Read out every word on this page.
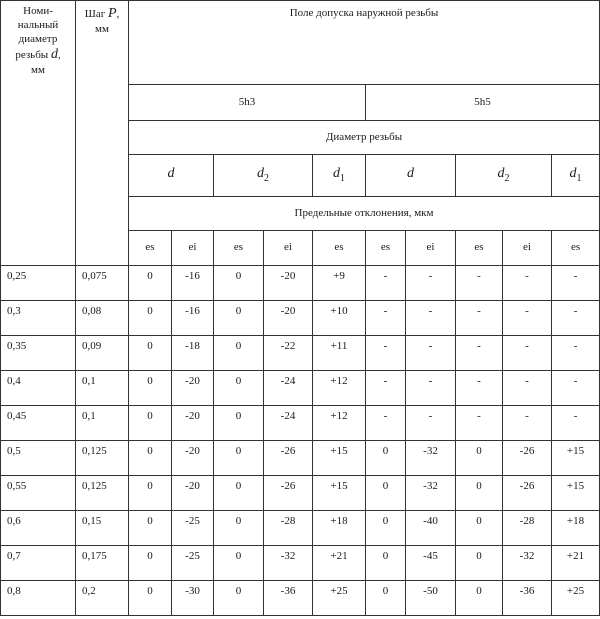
Номи-
нальный
диаметр
резьбы d,
мм	Шаг P,
мм	Поле допуска наружной резьбы									
		5h3					5h5				
		Диаметр резьбы									
		d		$d_2$		$d_1$	d		$d_2$		$d_1$
		Предельные отклонения, мкм									
		es	ei	es	ei	es	es	ei	es	ei	es
0,25	0,075	0	-16	0	-20	+9	-	-	-	-	-
0,3	0,08	0	-16	0	-20	+10	-	-	-	-	-
0,35	0,09	0	-18	0	-22	+11	-	-	-	-	-
0,4	0,1	0	-20	0	-24	+12	-	-	-	-	-
0,45	0,1	0	-20	0	-24	+12	-	-	-	-	-
0,5	0,125	0	-20	0	-26	+15	0	-32	0	-26	+15
0,55	0,125	0	-20	0	-26	+15	0	-32	0	-26	+15
0,6	0,15	0	-25	0	-28	+18	0	-40	0	-28	+18
0,7	0,175	0	-25	0	-32	+21	0	-45	0	-32	+21
0,8	0,2	0	-30	0	-36	+25	0	-50	0	-36	+25
